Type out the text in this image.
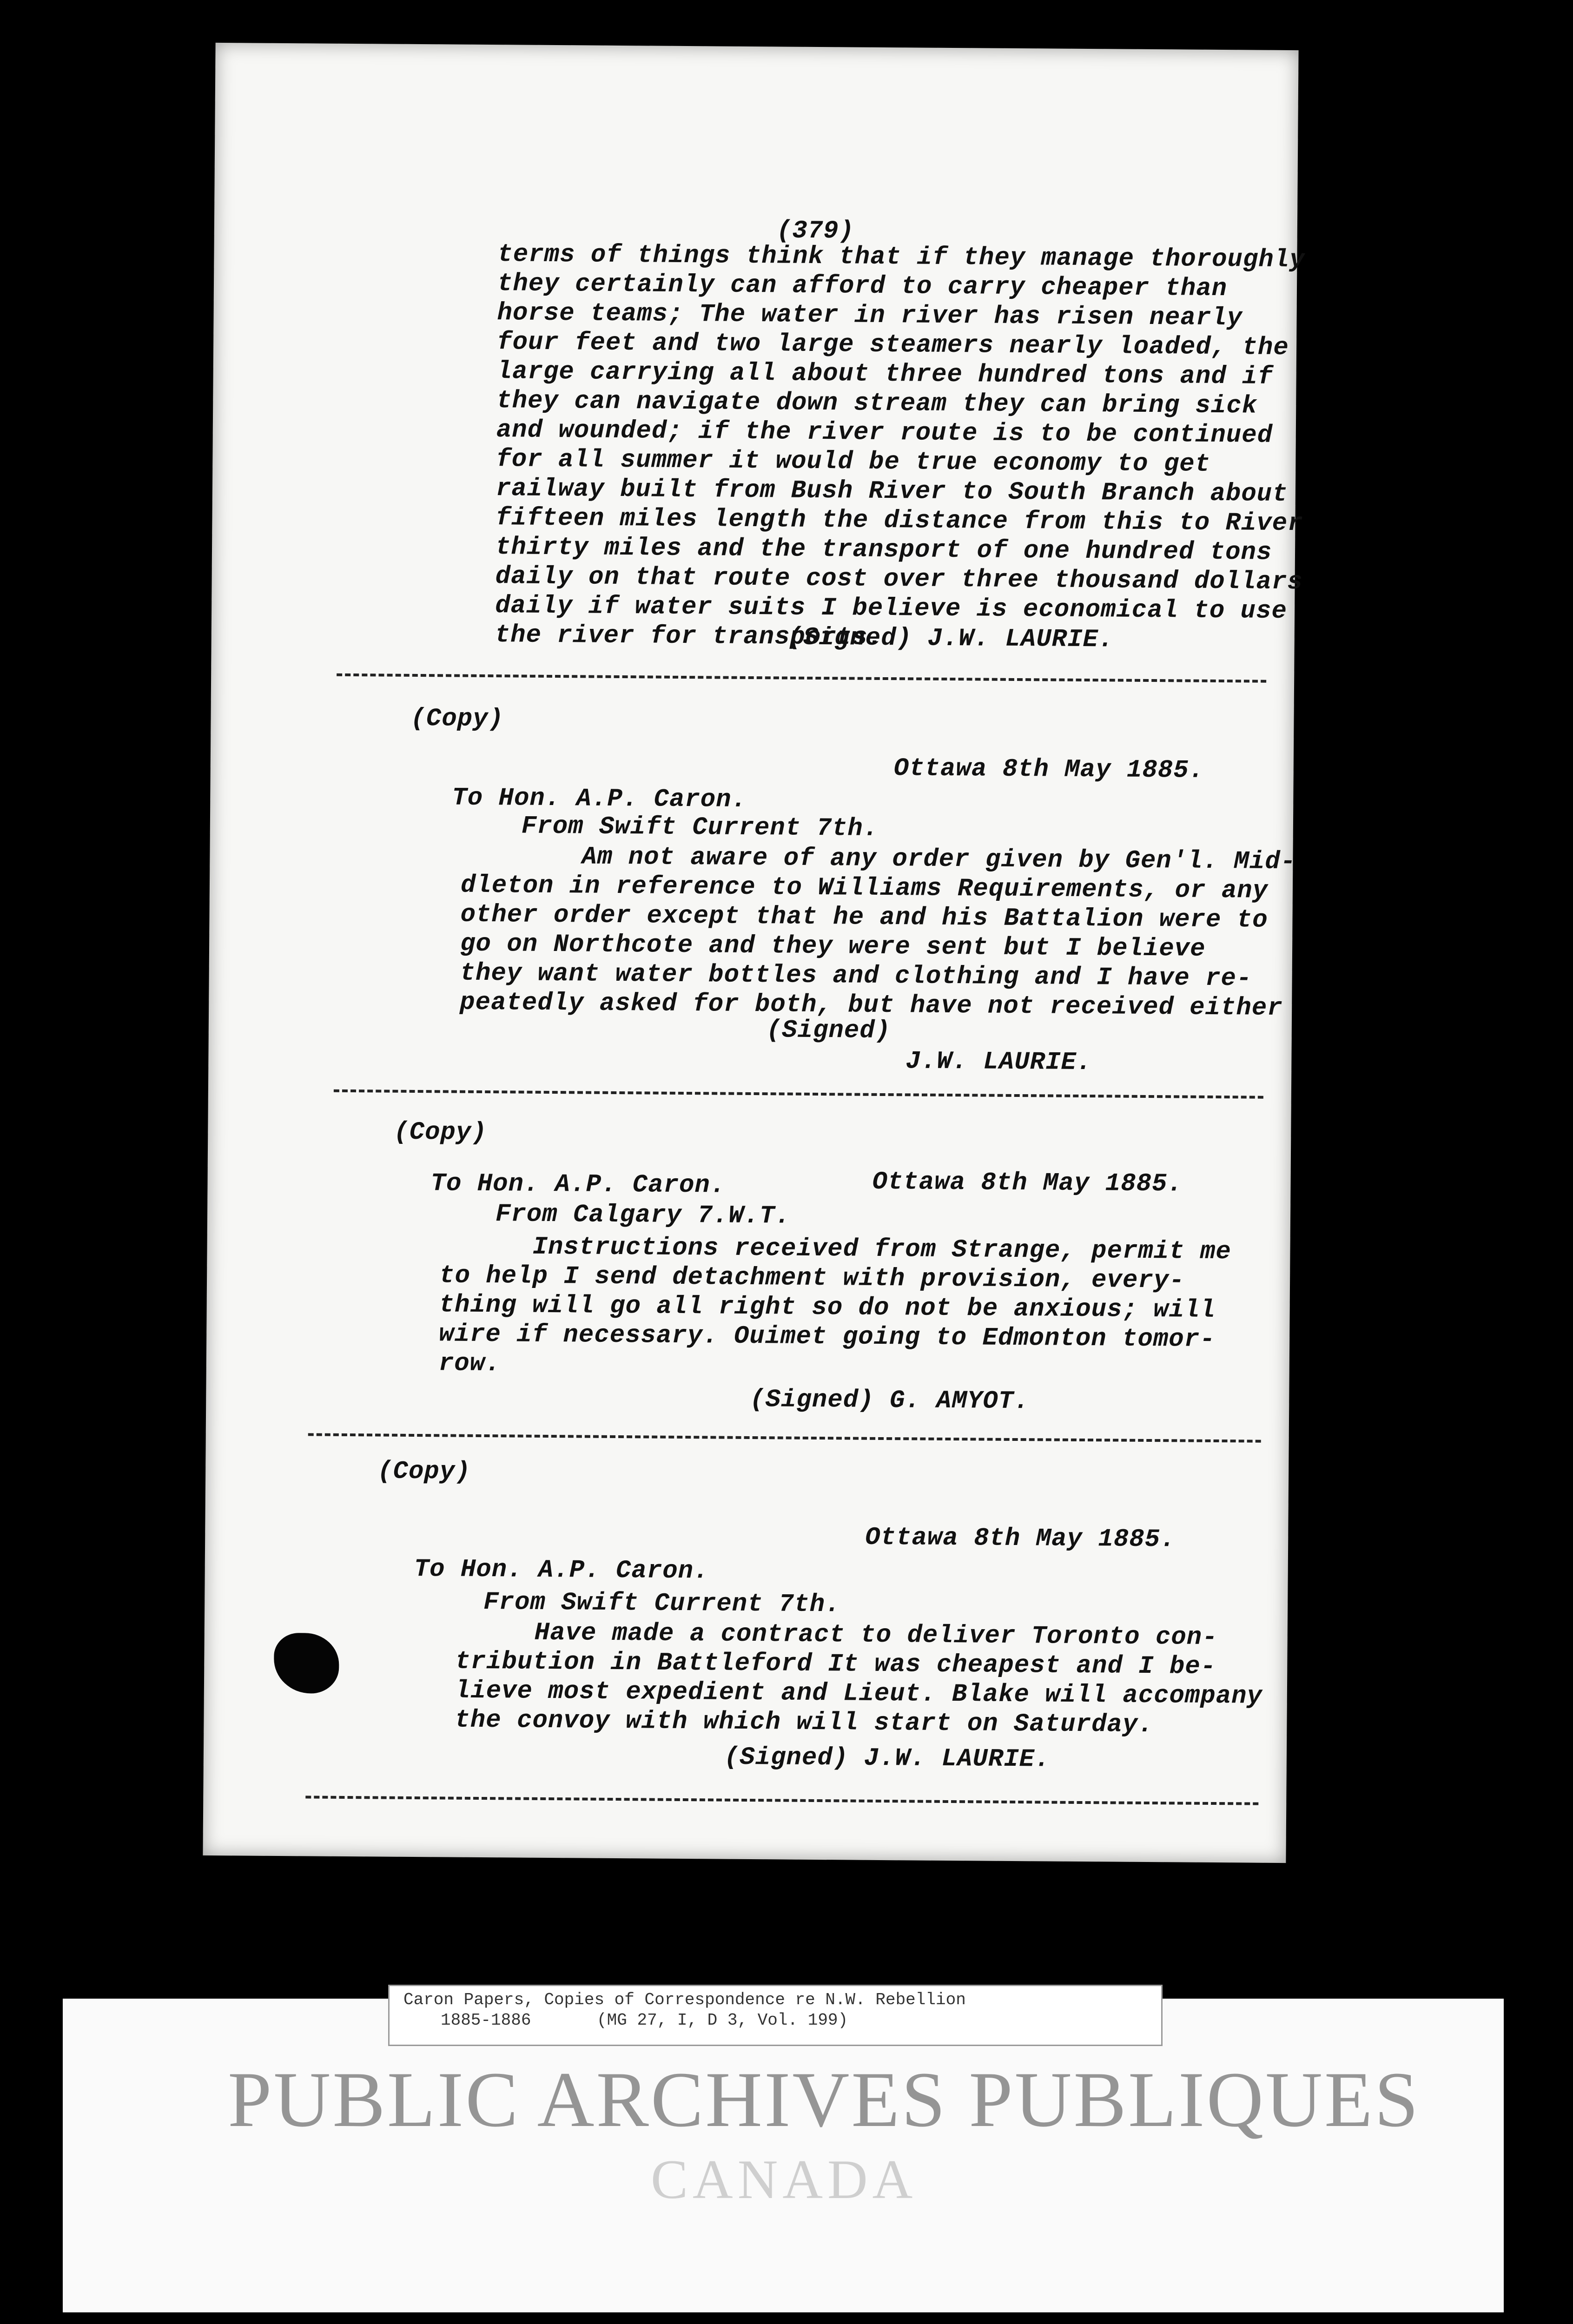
(379)
terms of things think that if they manage thoroughly
they certainly can afford to carry cheaper than
horse teams; The water in river has risen nearly
four feet and two large steamers nearly loaded, the
large carrying all about three hundred tons and if
they can navigate down stream they can bring sick
and wounded; if the river route is to be continued
for all summer it would be true economy to get
railway built from Bush River to South Branch about
fifteen miles length the distance from this to River
thirty miles and the transport of one hundred tons
daily on that route cost over three thousand dollars
daily if water suits I believe is economical to use
the river for transports.
(Signed) J.W. LAURIE.
(Copy)
Ottawa 8th May 1885.
To Hon. A.P. Caron.
From Swift Current 7th.
Am not aware of any order given by Gen'l. Mid-
dleton in reference to Williams Requirements, or any
other order except that he and his Battalion were to
go on Northcote and they were sent but I believe
they want water bottles and clothing and I have re-
peatedly asked for both, but have not received either
(Signed)
J.W. LAURIE.
(Copy)
To Hon. A.P. Caron.	Ottawa 8th May 1885.
From Calgary 7.W.T.
Instructions received from Strange, permit me
to help I send detachment with provision, every-
thing will go all right so do not be anxious; will
wire if necessary. Ouimet going to Edmonton tomor-
row.
(Signed) G. AMYOT.
(Copy)
Ottawa 8th May 1885.
To Hon. A.P. Caron.
From Swift Current 7th.
Have made a contract to deliver Toronto con-
tribution in Battleford It was cheapest and I be-
lieve most expedient and Lieut. Blake will accompany
the convoy with which will start on Saturday.
(Signed) J.W. LAURIE.
Caron Papers, Copies of Correspondence re N.W. Rebellion
1885-1886	(MG 27, I, D 3, Vol. 199)
PUBLIC ARCHIVES PUBLIQUES
CANADA
